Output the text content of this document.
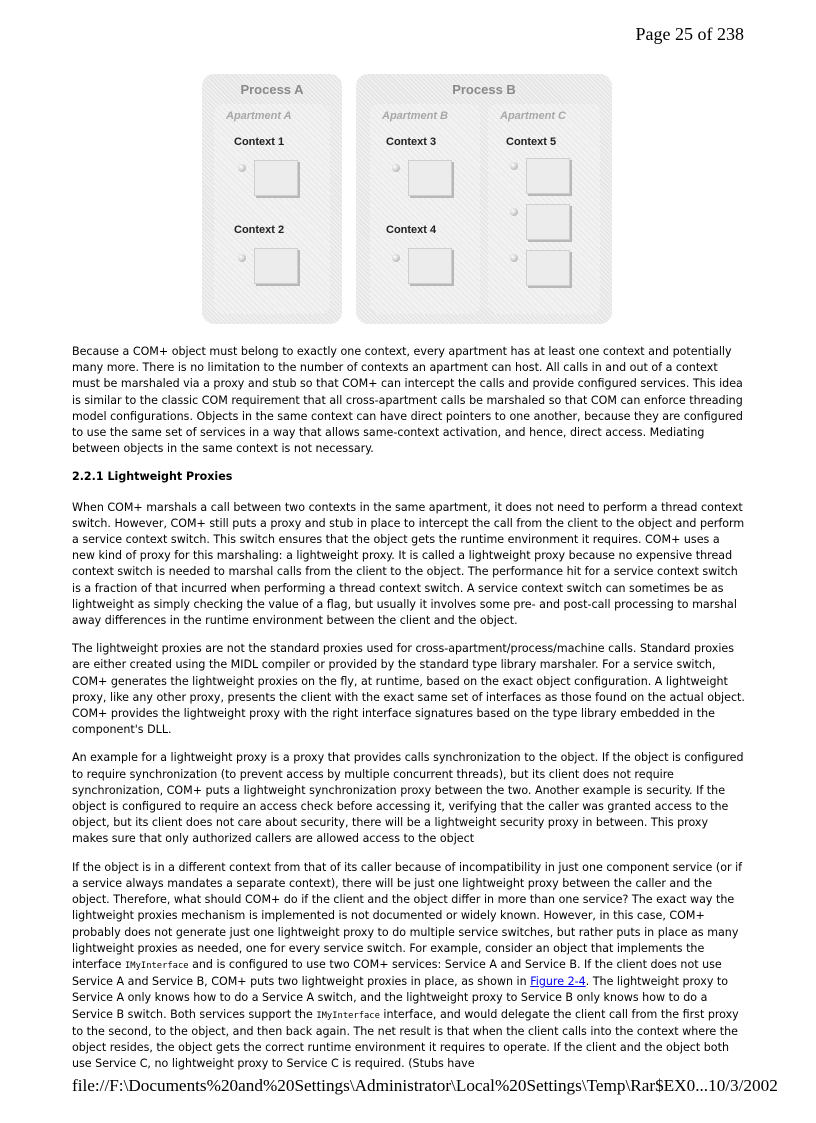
Page 25 of 238
Process A
Apartment A
Context 1
Context 2
Process B
Apartment B
Context 3
Context 4
Apartment C
Context 5

Because a COM+ object must belong to exactly one context, every apartment has at least one context and potentially many more. There is no limitation to the number of contexts an apartment can host. All calls in and out of a context must be marshaled via a proxy and stub so that COM+ can intercept the calls and provide configured services. This idea is similar to the classic COM requirement that all cross-apartment calls be marshaled so that COM can enforce threading model configurations. Objects in the same context can have direct pointers to one another, because they are configured to use the same set of services in a way that allows same-context activation, and hence, direct access. Mediating between objects in the same context is not necessary.

2.2.1 Lightweight Proxies

When COM+ marshals a call between two contexts in the same apartment, it does not need to perform a thread context switch. However, COM+ still puts a proxy and stub in place to intercept the call from the client to the object and perform a service context switch. This switch ensures that the object gets the runtime environment it requires. COM+ uses a new kind of proxy for this marshaling: a lightweight proxy. It is called a lightweight proxy because no expensive thread context switch is needed to marshal calls from the client to the object. The performance hit for a service context switch is a fraction of that incurred when performing a thread context switch. A service context switch can sometimes be as lightweight as simply checking the value of a flag, but usually it involves some pre- and post-call processing to marshal away differences in the runtime environment between the client and the object.

The lightweight proxies are not the standard proxies used for cross-apartment/process/machine calls. Standard proxies are either created using the MIDL compiler or provided by the standard type library marshaler. For a service switch, COM+ generates the lightweight proxies on the fly, at runtime, based on the exact object configuration. A lightweight proxy, like any other proxy, presents the client with the exact same set of interfaces as those found on the actual object. COM+ provides the lightweight proxy with the right interface signatures based on the type library embedded in the component's DLL.

An example for a lightweight proxy is a proxy that provides calls synchronization to the object. If the object is configured to require synchronization (to prevent access by multiple concurrent threads), but its client does not require synchronization, COM+ puts a lightweight synchronization proxy between the two. Another example is security. If the object is configured to require an access check before accessing it, verifying that the caller was granted access to the object, but its client does not care about security, there will be a lightweight security proxy in between. This proxy makes sure that only authorized callers are allowed access to the object

If the object is in a different context from that of its caller because of incompatibility in just one component service (or if a service always mandates a separate context), there will be just one lightweight proxy between the caller and the object. Therefore, what should COM+ do if the client and the object differ in more than one service? The exact way the lightweight proxies mechanism is implemented is not documented or widely known. However, in this case, COM+ probably does not generate just one lightweight proxy to do multiple service switches, but rather puts in place as many lightweight proxies as needed, one for every service switch. For example, consider an object that implements the interface IMyInterface and is configured to use two COM+ services: Service A and Service B. If the client does not use Service A and Service B, COM+ puts two lightweight proxies in place, as shown in Figure 2-4. The lightweight proxy to Service A only knows how to do a Service A switch, and the lightweight proxy to Service B only knows how to do a Service B switch. Both services support the IMyInterface interface, and would delegate the client call from the first proxy to the second, to the object, and then back again. The net result is that when the client calls into the context where the object resides, the object gets the correct runtime environment it requires to operate. If the client and the object both use Service C, no lightweight proxy to Service C is required. (Stubs have

file://F:\Documents%20and%20Settings\Administrator\Local%20Settings\Temp\Rar$EX0... 10/3/2002
